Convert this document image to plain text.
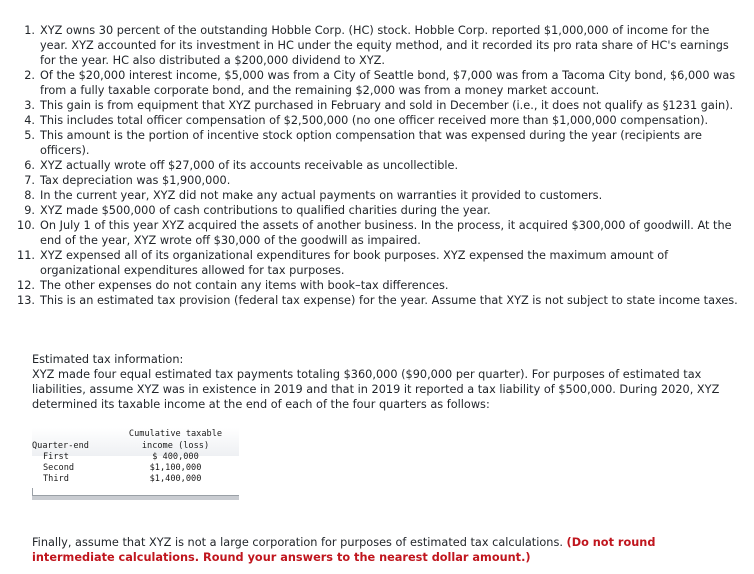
1. XYZ owns 30 percent of the outstanding Hobble Corp. (HC) stock. Hobble Corp. reported $1,000,000 of income for the year. XYZ accounted for its investment in HC under the equity method, and it recorded its pro rata share of HC's earnings for the year. HC also distributed a $200,000 dividend to XYZ.
2. Of the $20,000 interest income, $5,000 was from a City of Seattle bond, $7,000 was from a Tacoma City bond, $6,000 was from a fully taxable corporate bond, and the remaining $2,000 was from a money market account.
3. This gain is from equipment that XYZ purchased in February and sold in December (i.e., it does not qualify as §1231 gain).
4. This includes total officer compensation of $2,500,000 (no one officer received more than $1,000,000 compensation).
5. This amount is the portion of incentive stock option compensation that was expensed during the year (recipients are officers).
6. XYZ actually wrote off $27,000 of its accounts receivable as uncollectible.
7. Tax depreciation was $1,900,000.
8. In the current year, XYZ did not make any actual payments on warranties it provided to customers.
9. XYZ made $500,000 of cash contributions to qualified charities during the year.
10. On July 1 of this year XYZ acquired the assets of another business. In the process, it acquired $300,000 of goodwill. At the end of the year, XYZ wrote off $30,000 of the goodwill as impaired.
11. XYZ expensed all of its organizational expenditures for book purposes. XYZ expensed the maximum amount of organizational expenditures allowed for tax purposes.
12. The other expenses do not contain any items with book–tax differences.
13. This is an estimated tax provision (federal tax expense) for the year. Assume that XYZ is not subject to state income taxes.

Estimated tax information:

XYZ made four equal estimated tax payments totaling $360,000 ($90,000 per quarter). For purposes of estimated tax liabilities, assume XYZ was in existence in 2019 and that in 2019 it reported a tax liability of $500,000. During 2020, XYZ determined its taxable income at the end of each of the four quarters as follows:

Cumulative taxable
Quarter-end	income (loss)
First	$ 400,000
Second	$1,100,000
Third	$1,400,000

Finally, assume that XYZ is not a large corporation for purposes of estimated tax calculations. (Do not round intermediate calculations. Round your answers to the nearest dollar amount.)
